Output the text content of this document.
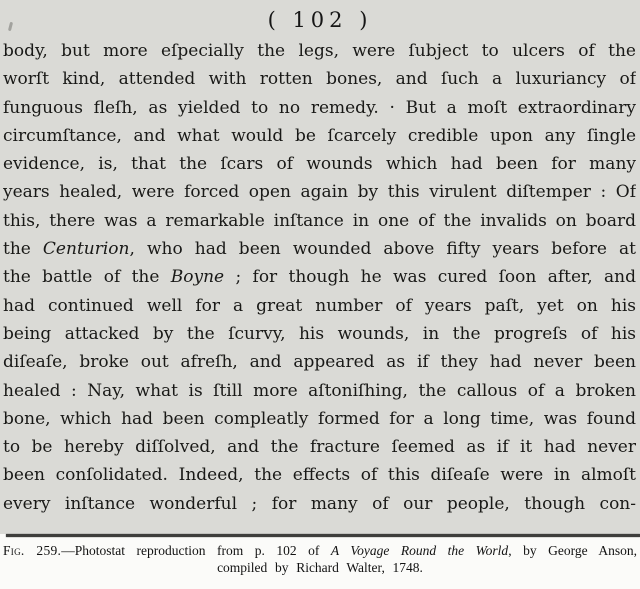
( 102 )
body, but more eſpecially the legs, were ſubject to ulcers of the
worſt kind, attended with rotten bones, and ſuch a luxuriancy of
funguous fleſh, as yielded to no remedy. · But a moſt extraordinary
circumſtance, and what would be ſcarcely credible upon any ſingle
evidence, is, that the ſcars of wounds which had been for many
years healed, were forced open again by this virulent diſtemper : Of
this, there was a remarkable inſtance in one of the invalids on board
the Centurion, who had been wounded above fifty years before at
the battle of the Boyne ; for though he was cured ſoon after, and
had continued well for a great number of years paſt, yet on his
being attacked by the ſcurvy, his wounds, in the progreſs of his
diſeaſe, broke out afreſh, and appeared as if they had never been
healed : Nay, what is ſtill more aſtoniſhing, the callous of a broken
bone, which had been compleatly formed for a long time, was found
to be hereby diſſolved, and the fracture ſeemed as if it had never
been conſolidated. Indeed, the effects of this diſeaſe were in almoſt
every inſtance wonderful ; for many of our people, though con-
Fig. 259.—Photostat reproduction from p. 102 of A Voyage Round the World, by George Anson,
compiled by Richard Walter, 1748.
